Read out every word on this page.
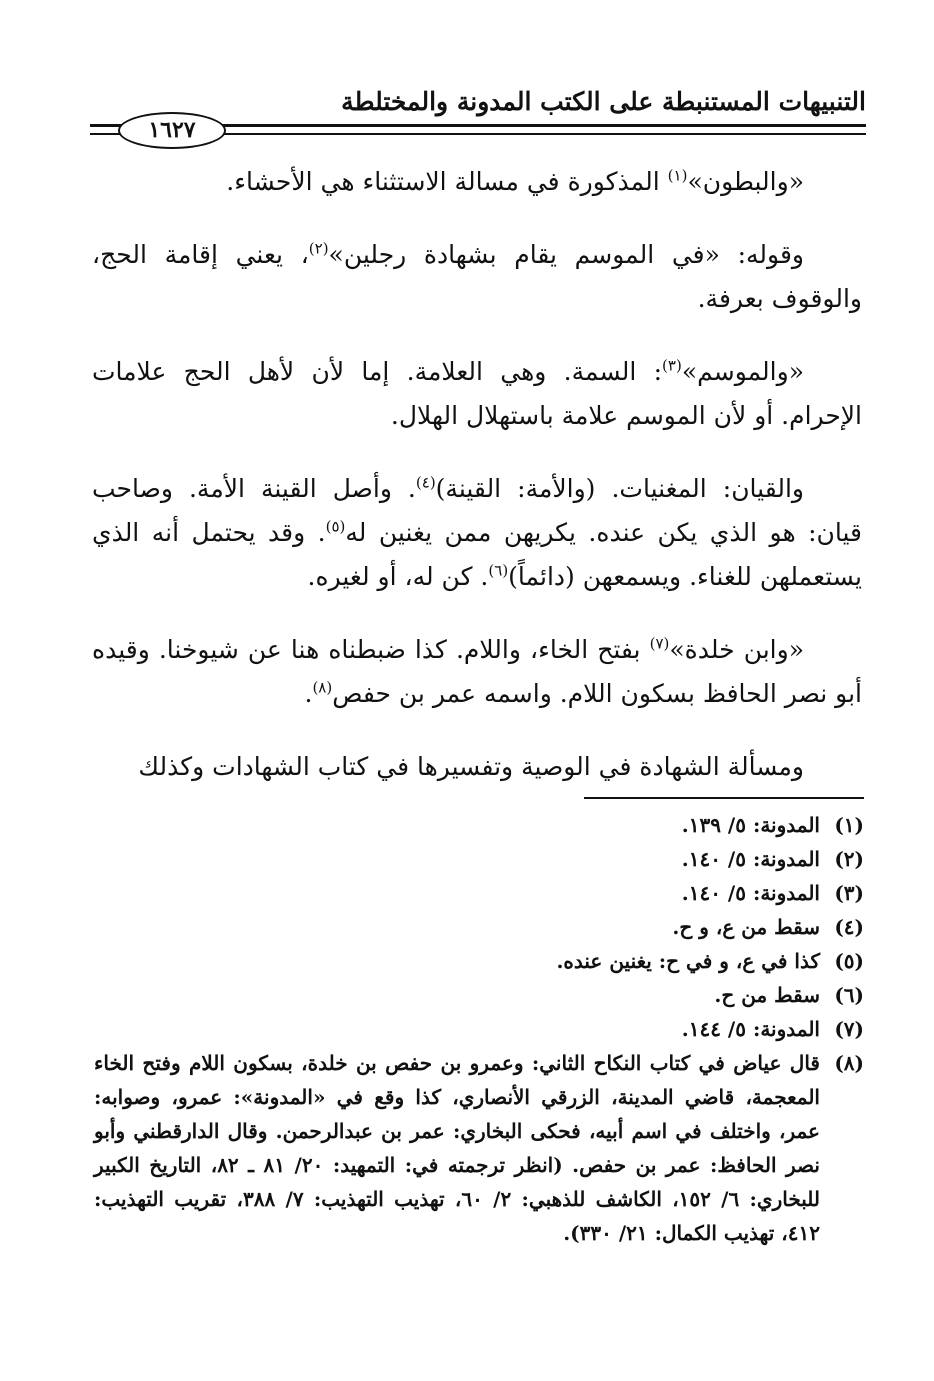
التنبيهات المستنبطة على الكتب المدونة والمختلطة
١٦٢٧

«والبطون»$^{(١)}$ المذكورة في مسالة الاستثناء هي الأحشاء.

وقوله: «في الموسم يقام بشهادة رجلين»$^{(٢)}$، يعني إقامة الحج، والوقوف بعرفة.

«والموسم»$^{(٣)}$: السمة. وهي العلامة. إما لأن لأهل الحج علامات الإحرام. أو لأن الموسم علامة باستهلال الهلال.

والقيان: المغنيات. (والأمة: القينة)$^{(٤)}$. وأصل القينة الأمة. وصاحب قيان: هو الذي يكن عنده. يكريهن ممن يغنين له$^{(٥)}$. وقد يحتمل أنه الذي يستعملهن للغناء. ويسمعهن (دائماً)$^{(٦)}$. كن له، أو لغيره.

«وابن خلدة»$^{(٧)}$ بفتح الخاء، واللام. كذا ضبطناه هنا عن شيوخنا. وقيده أبو نصر الحافظ بسكون اللام. واسمه عمر بن حفص$^{(٨)}$.

ومسألة الشهادة في الوصية وتفسيرها في كتاب الشهادات وكذلك

(١)
المدونة: ٥/ ١٣٩.
(٢)
المدونة: ٥/ ١٤٠.
(٣)
المدونة: ٥/ ١٤٠.
(٤)
سقط من ع، و ح.
(٥)
كذا في ع، و في ح: يغنين عنده.
(٦)
سقط من ح.
(٧)
المدونة: ٥/ ١٤٤.
(٨)
قال عياض في كتاب النكاح الثاني: وعمرو بن حفص بن خلدة، بسكون اللام وفتح الخاء المعجمة، قاضي المدينة، الزرقي الأنصاري، كذا وقع في «المدونة»: عمرو، وصوابه: عمر، واختلف في اسم أبيه، فحكى البخاري: عمر بن عبدالرحمن. وقال الدارقطني وأبو نصر الحافظ: عمر بن حفص. (انظر ترجمته في: التمهيد: ٢٠/ ٨١ ـ ٨٢، التاريخ الكبير للبخاري: ٦/ ١٥٢، الكاشف للذهبي: ٢/ ٦٠، تهذيب التهذيب: ٧/ ٣٨٨، تقريب التهذيب: ٤١٢، تهذيب الكمال: ٢١/ ٣٣٠).
